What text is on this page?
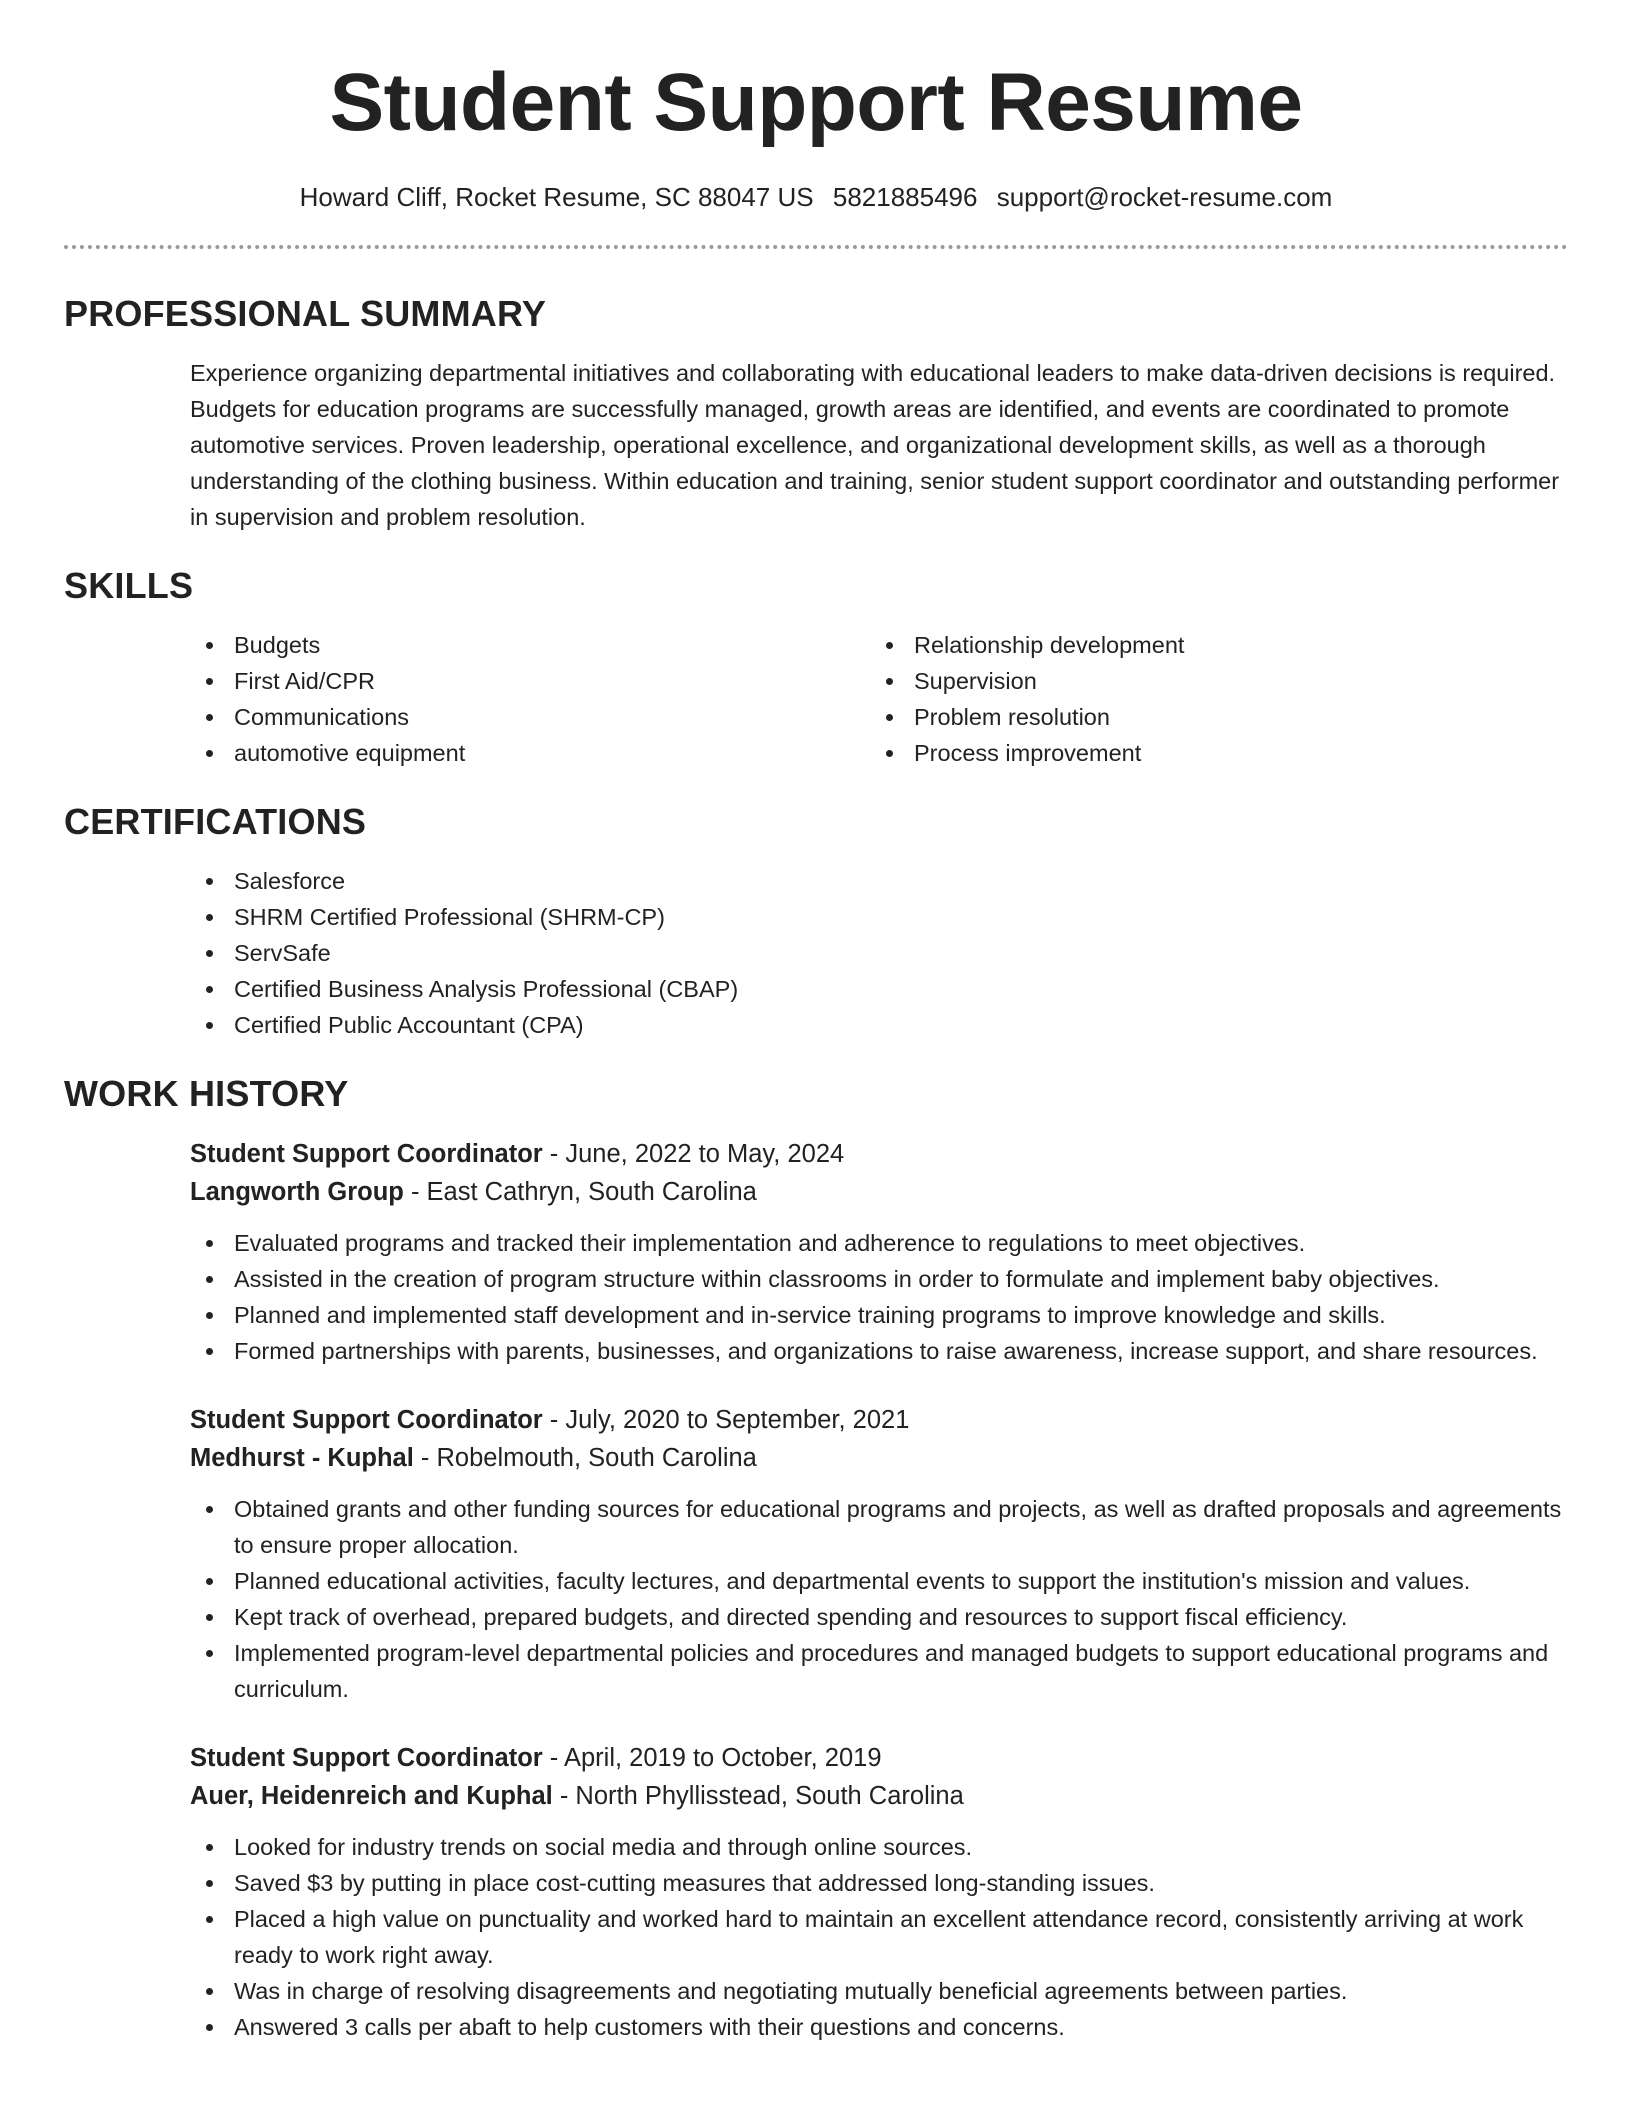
Student Support Resume
Howard Cliff, Rocket Resume, SC 88047 US 5821885496 support@rocket-resume.com
PROFESSIONAL SUMMARY

Experience organizing departmental initiatives and collaborating with educational leaders to make data-driven decisions is required. Budgets for education programs are successfully managed, growth areas are identified, and events are coordinated to promote automotive services. Proven leadership, operational excellence, and organizational development skills, as well as a thorough understanding of the clothing business. Within education and training, senior student support coordinator and outstanding performer in supervision and problem resolution.

SKILLS
Budgets
First Aid/CPR
Communications
automotive equipment
Relationship development
Supervision
Problem resolution
Process improvement
CERTIFICATIONS
Salesforce
SHRM Certified Professional (SHRM-CP)
ServSafe
Certified Business Analysis Professional (CBAP)
Certified Public Accountant (CPA)
WORK HISTORY
Student Support Coordinator - June, 2022 to May, 2024
Langworth Group - East Cathryn, South Carolina
Evaluated programs and tracked their implementation and adherence to regulations to meet objectives.
Assisted in the creation of program structure within classrooms in order to formulate and implement baby objectives.
Planned and implemented staff development and in-service training programs to improve knowledge and skills.
Formed partnerships with parents, businesses, and organizations to raise awareness, increase support, and share resources.
Student Support Coordinator - July, 2020 to September, 2021
Medhurst - Kuphal - Robelmouth, South Carolina
Obtained grants and other funding sources for educational programs and projects, as well as drafted proposals and agreements to ensure proper allocation.
Planned educational activities, faculty lectures, and departmental events to support the institution's mission and values.
Kept track of overhead, prepared budgets, and directed spending and resources to support fiscal efficiency.
Implemented program-level departmental policies and procedures and managed budgets to support educational programs and curriculum.
Student Support Coordinator - April, 2019 to October, 2019
Auer, Heidenreich and Kuphal - North Phyllisstead, South Carolina
Looked for industry trends on social media and through online sources.
Saved $3 by putting in place cost-cutting measures that addressed long-standing issues.
Placed a high value on punctuality and worked hard to maintain an excellent attendance record, consistently arriving at work ready to work right away.
Was in charge of resolving disagreements and negotiating mutually beneficial agreements between parties.
Answered 3 calls per abaft to help customers with their questions and concerns.
